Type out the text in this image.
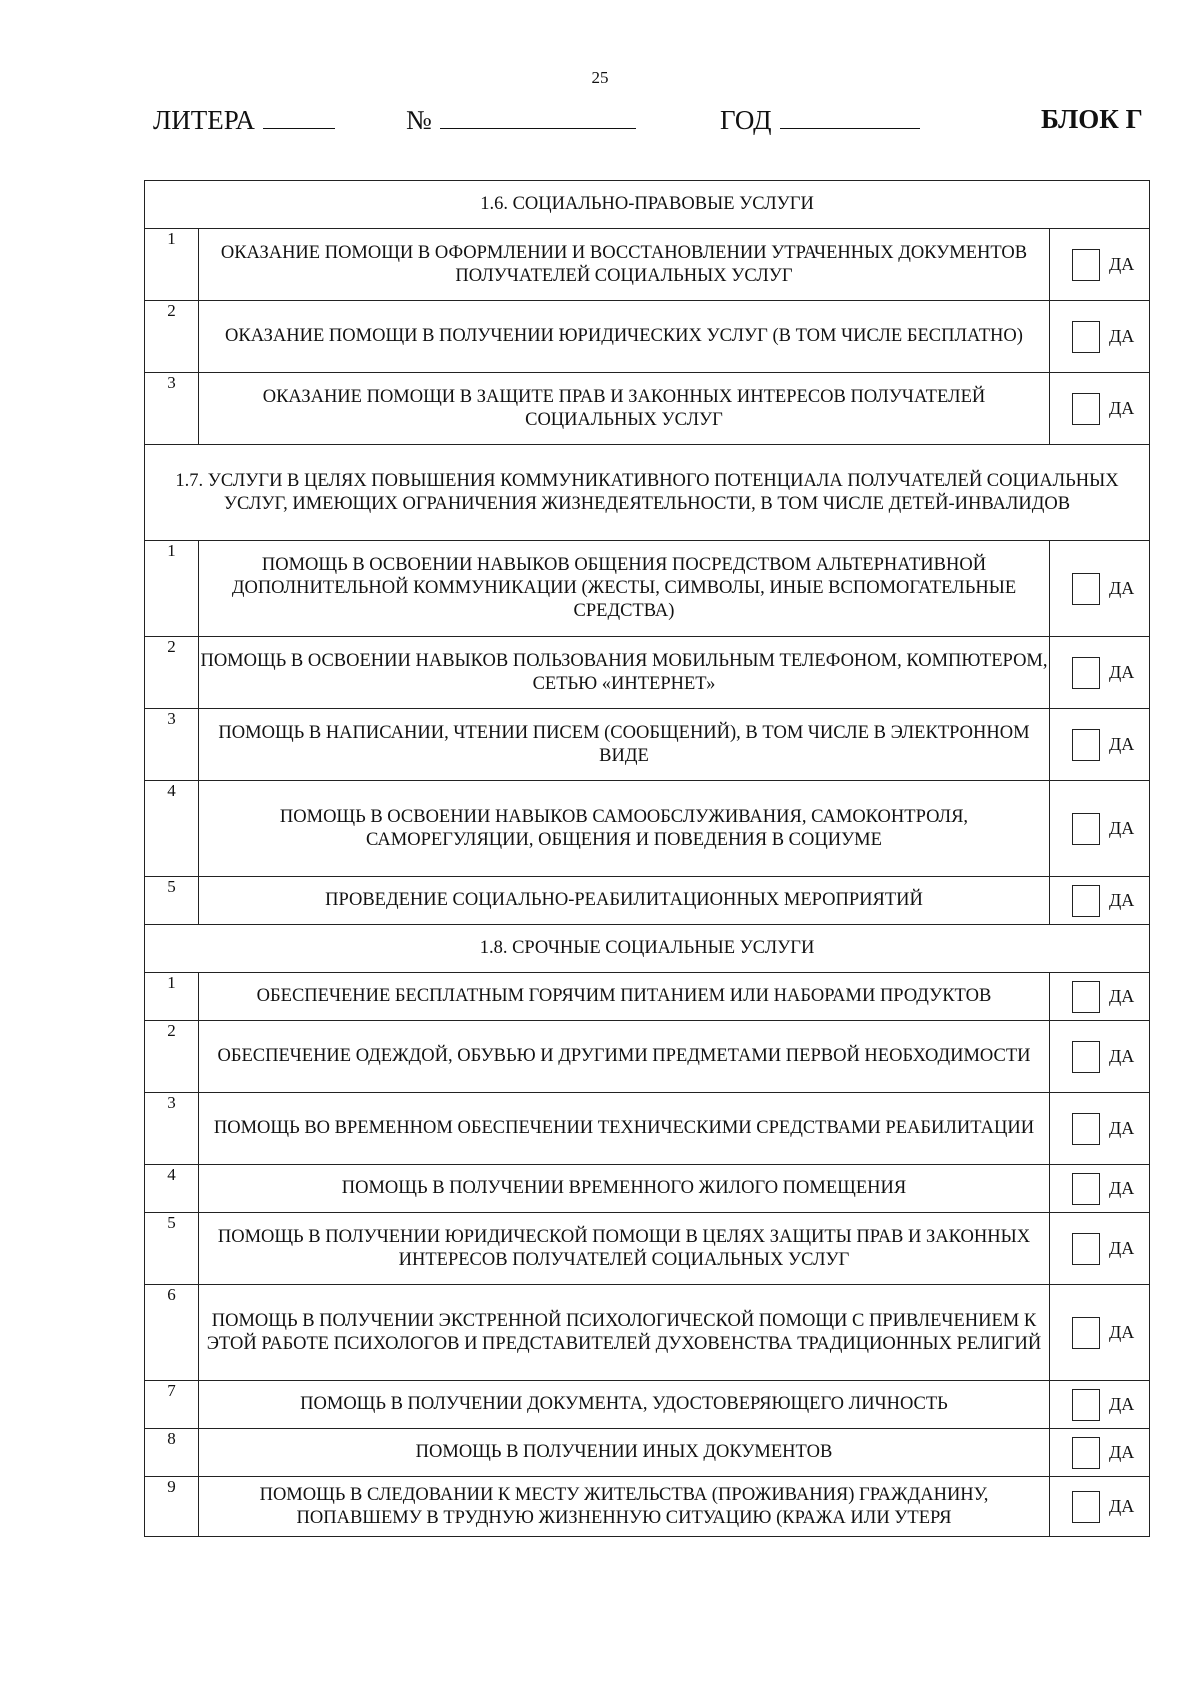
25
ЛИТЕРА	№	ГОД	БЛОК Г
1.6. СОЦИАЛЬНО-ПРАВОВЫЕ УСЛУГИ		
1	ОКАЗАНИЕ ПОМОЩИ В ОФОРМЛЕНИИ И ВОССТАНОВЛЕНИИ УТРАЧЕННЫХ ДОКУМЕНТОВ ПОЛУЧАТЕЛЕЙ СОЦИАЛЬНЫХ УСЛУГ	ДА

2	ОКАЗАНИЕ ПОМОЩИ В ПОЛУЧЕНИИ ЮРИДИЧЕСКИХ УСЛУГ (В ТОМ ЧИСЛЕ БЕСПЛАТНО)	ДА

3	ОКАЗАНИЕ ПОМОЩИ В ЗАЩИТЕ ПРАВ И ЗАКОННЫХ ИНТЕРЕСОВ ПОЛУЧАТЕЛЕЙ СОЦИАЛЬНЫХ УСЛУГ	ДА

1.7. УСЛУГИ В ЦЕЛЯХ ПОВЫШЕНИЯ КОММУНИКАТИВНОГО ПОТЕНЦИАЛА ПОЛУЧАТЕЛЕЙ СОЦИАЛЬНЫХ УСЛУГ, ИМЕЮЩИХ ОГРАНИЧЕНИЯ ЖИЗНЕДЕЯТЕЛЬНОСТИ, В ТОМ ЧИСЛЕ ДЕТЕЙ-ИНВАЛИДОВ		
1	ПОМОЩЬ В ОСВОЕНИИ НАВЫКОВ ОБЩЕНИЯ ПОСРЕДСТВОМ АЛЬТЕРНАТИВНОЙ ДОПОЛНИТЕЛЬНОЙ КОММУНИКАЦИИ (ЖЕСТЫ, СИМВОЛЫ, ИНЫЕ ВСПОМОГАТЕЛЬНЫЕ СРЕДСТВА)	ДА

2	ПОМОЩЬ В ОСВОЕНИИ НАВЫКОВ ПОЛЬЗОВАНИЯ МОБИЛЬНЫМ ТЕЛЕФОНОМ, КОМПЮТЕРОМ, СЕТЬЮ «ИНТЕРНЕТ»	ДА

3	ПОМОЩЬ В НАПИСАНИИ, ЧТЕНИИ ПИСЕМ (СООБЩЕНИЙ), В ТОМ ЧИСЛЕ В ЭЛЕКТРОННОМ ВИДЕ	ДА

4	ПОМОЩЬ В ОСВОЕНИИ НАВЫКОВ САМООБСЛУЖИВАНИЯ, САМОКОНТРОЛЯ, САМОРЕГУЛЯЦИИ, ОБЩЕНИЯ И ПОВЕДЕНИЯ В СОЦИУМЕ	ДА

5	ПРОВЕДЕНИЕ СОЦИАЛЬНО-РЕАБИЛИТАЦИОННЫХ МЕРОПРИЯТИЙ	ДА

1.8. СРОЧНЫЕ СОЦИАЛЬНЫЕ УСЛУГИ		
1	ОБЕСПЕЧЕНИЕ БЕСПЛАТНЫМ ГОРЯЧИМ ПИТАНИЕМ ИЛИ НАБОРАМИ ПРОДУКТОВ	ДА

2	ОБЕСПЕЧЕНИЕ ОДЕЖДОЙ, ОБУВЬЮ И ДРУГИМИ ПРЕДМЕТАМИ ПЕРВОЙ НЕОБХОДИМОСТИ	ДА

3	ПОМОЩЬ ВО ВРЕМЕННОМ ОБЕСПЕЧЕНИИ ТЕХНИЧЕСКИМИ СРЕДСТВАМИ РЕАБИЛИТАЦИИ	ДА

4	ПОМОЩЬ В ПОЛУЧЕНИИ ВРЕМЕННОГО ЖИЛОГО ПОМЕЩЕНИЯ	ДА

5	ПОМОЩЬ В ПОЛУЧЕНИИ ЮРИДИЧЕСКОЙ ПОМОЩИ В ЦЕЛЯХ ЗАЩИТЫ ПРАВ И ЗАКОННЫХ ИНТЕРЕСОВ ПОЛУЧАТЕЛЕЙ СОЦИАЛЬНЫХ УСЛУГ	ДА

6	ПОМОЩЬ В ПОЛУЧЕНИИ ЭКСТРЕННОЙ ПСИХОЛОГИЧЕСКОЙ ПОМОЩИ С ПРИВЛЕЧЕНИЕМ К ЭТОЙ РАБОТЕ ПСИХОЛОГОВ И ПРЕДСТАВИТЕЛЕЙ ДУХОВЕНСТВА ТРАДИЦИОННЫХ РЕЛИГИЙ	ДА

7	ПОМОЩЬ В ПОЛУЧЕНИИ ДОКУМЕНТА, УДОСТОВЕРЯЮЩЕГО ЛИЧНОСТЬ	ДА

8	ПОМОЩЬ В ПОЛУЧЕНИИ ИНЫХ ДОКУМЕНТОВ	ДА

9	ПОМОЩЬ В СЛЕДОВАНИИ К МЕСТУ ЖИТЕЛЬСТВА (ПРОЖИВАНИЯ) ГРАЖДАНИНУ, ПОПАВШЕМУ В ТРУДНУЮ ЖИЗНЕННУЮ СИТУАЦИЮ (КРАЖА ИЛИ УТЕРЯ	ДА
